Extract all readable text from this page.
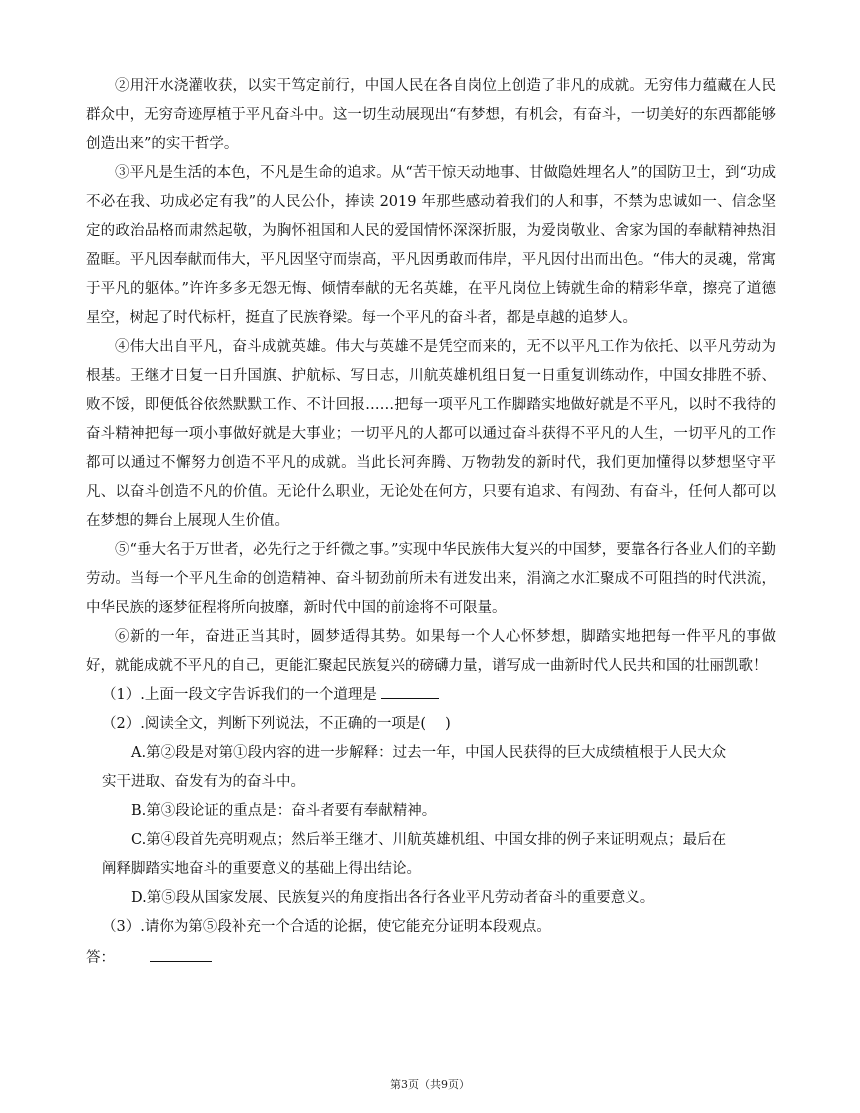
②用汗水浇灌收获，以实干笃定前行，中国人民在各自岗位上创造了非凡的成就。无穷伟力蕴藏在人民群众中，无穷奇迹厚植于平凡奋斗中。这一切生动展现出“有梦想，有机会，有奋斗，一切美好的东西都能够创造出来”的实干哲学。

③平凡是生活的本色，不凡是生命的追求。从“苦干惊天动地事、甘做隐姓埋名人”的国防卫士，到“功成不必在我、功成必定有我”的人民公仆，捧读 2019 年那些感动着我们的人和事，不禁为忠诚如一、信念坚定的政治品格而肃然起敬，为胸怀祖国和人民的爱国情怀深深折服，为爱岗敬业、舍家为国的奉献精神热泪盈眶。平凡因奉献而伟大，平凡因坚守而崇高，平凡因勇敢而伟岸，平凡因付出而出色。“伟大的灵魂，常寓于平凡的躯体。”许许多多无怨无悔、倾情奉献的无名英雄，在平凡岗位上铸就生命的精彩华章，擦亮了道德星空，树起了时代标杆，挺直了民族脊梁。每一个平凡的奋斗者，都是卓越的追梦人。

④伟大出自平凡，奋斗成就英雄。伟大与英雄不是凭空而来的，无不以平凡工作为依托、以平凡劳动为根基。王继才日复一日升国旗、护航标、写日志，川航英雄机组日复一日重复训练动作，中国女排胜不骄、败不馁，即便低谷依然默默工作、不计回报……把每一项平凡工作脚踏实地做好就是不平凡，以时不我待的奋斗精神把每一项小事做好就是大事业；一切平凡的人都可以通过奋斗获得不平凡的人生，一切平凡的工作都可以通过不懈努力创造不平凡的成就。当此长河奔腾、万物勃发的新时代，我们更加懂得以梦想坚守平凡、以奋斗创造不凡的价值。无论什么职业，无论处在何方，只要有追求、有闯劲、有奋斗，任何人都可以在梦想的舞台上展现人生价值。

⑤“垂大名于万世者，必先行之于纤微之事。”实现中华民族伟大复兴的中国梦，要靠各行各业人们的辛勤劳动。当每一个平凡生命的创造精神、奋斗韧劲前所未有迸发出来，涓滴之水汇聚成不可阻挡的时代洪流，中华民族的逐梦征程将所向披靡，新时代中国的前途将不可限量。

⑥新的一年，奋进正当其时，圆梦适得其势。如果每一个人心怀梦想，脚踏实地把每一件平凡的事做好，就能成就不平凡的自己，更能汇聚起民族复兴的磅礴力量，谱写成一曲新时代人民共和国的壮丽凯歌！

（1）.上面一段文字告诉我们的一个道理是

（2）.阅读全文，判断下列说法，不正确的一项是(　 )

A.第②段是对第①段内容的进一步解释：过去一年，中国人民获得的巨大成绩植根于人民大众

实干进取、奋发有为的奋斗中。

B.第③段论证的重点是：奋斗者要有奉献精神。

C.第④段首先亮明观点；然后举王继才、川航英雄机组、中国女排的例子来证明观点；最后在

阐释脚踏实地奋斗的重要意义的基础上得出结论。

D.第⑤段从国家发展、民族复兴的角度指出各行各业平凡劳动者奋斗的重要意义。

（3）.请你为第⑤段补充一个合适的论据，使它能充分证明本段观点。

答：

第3页（共9页）
